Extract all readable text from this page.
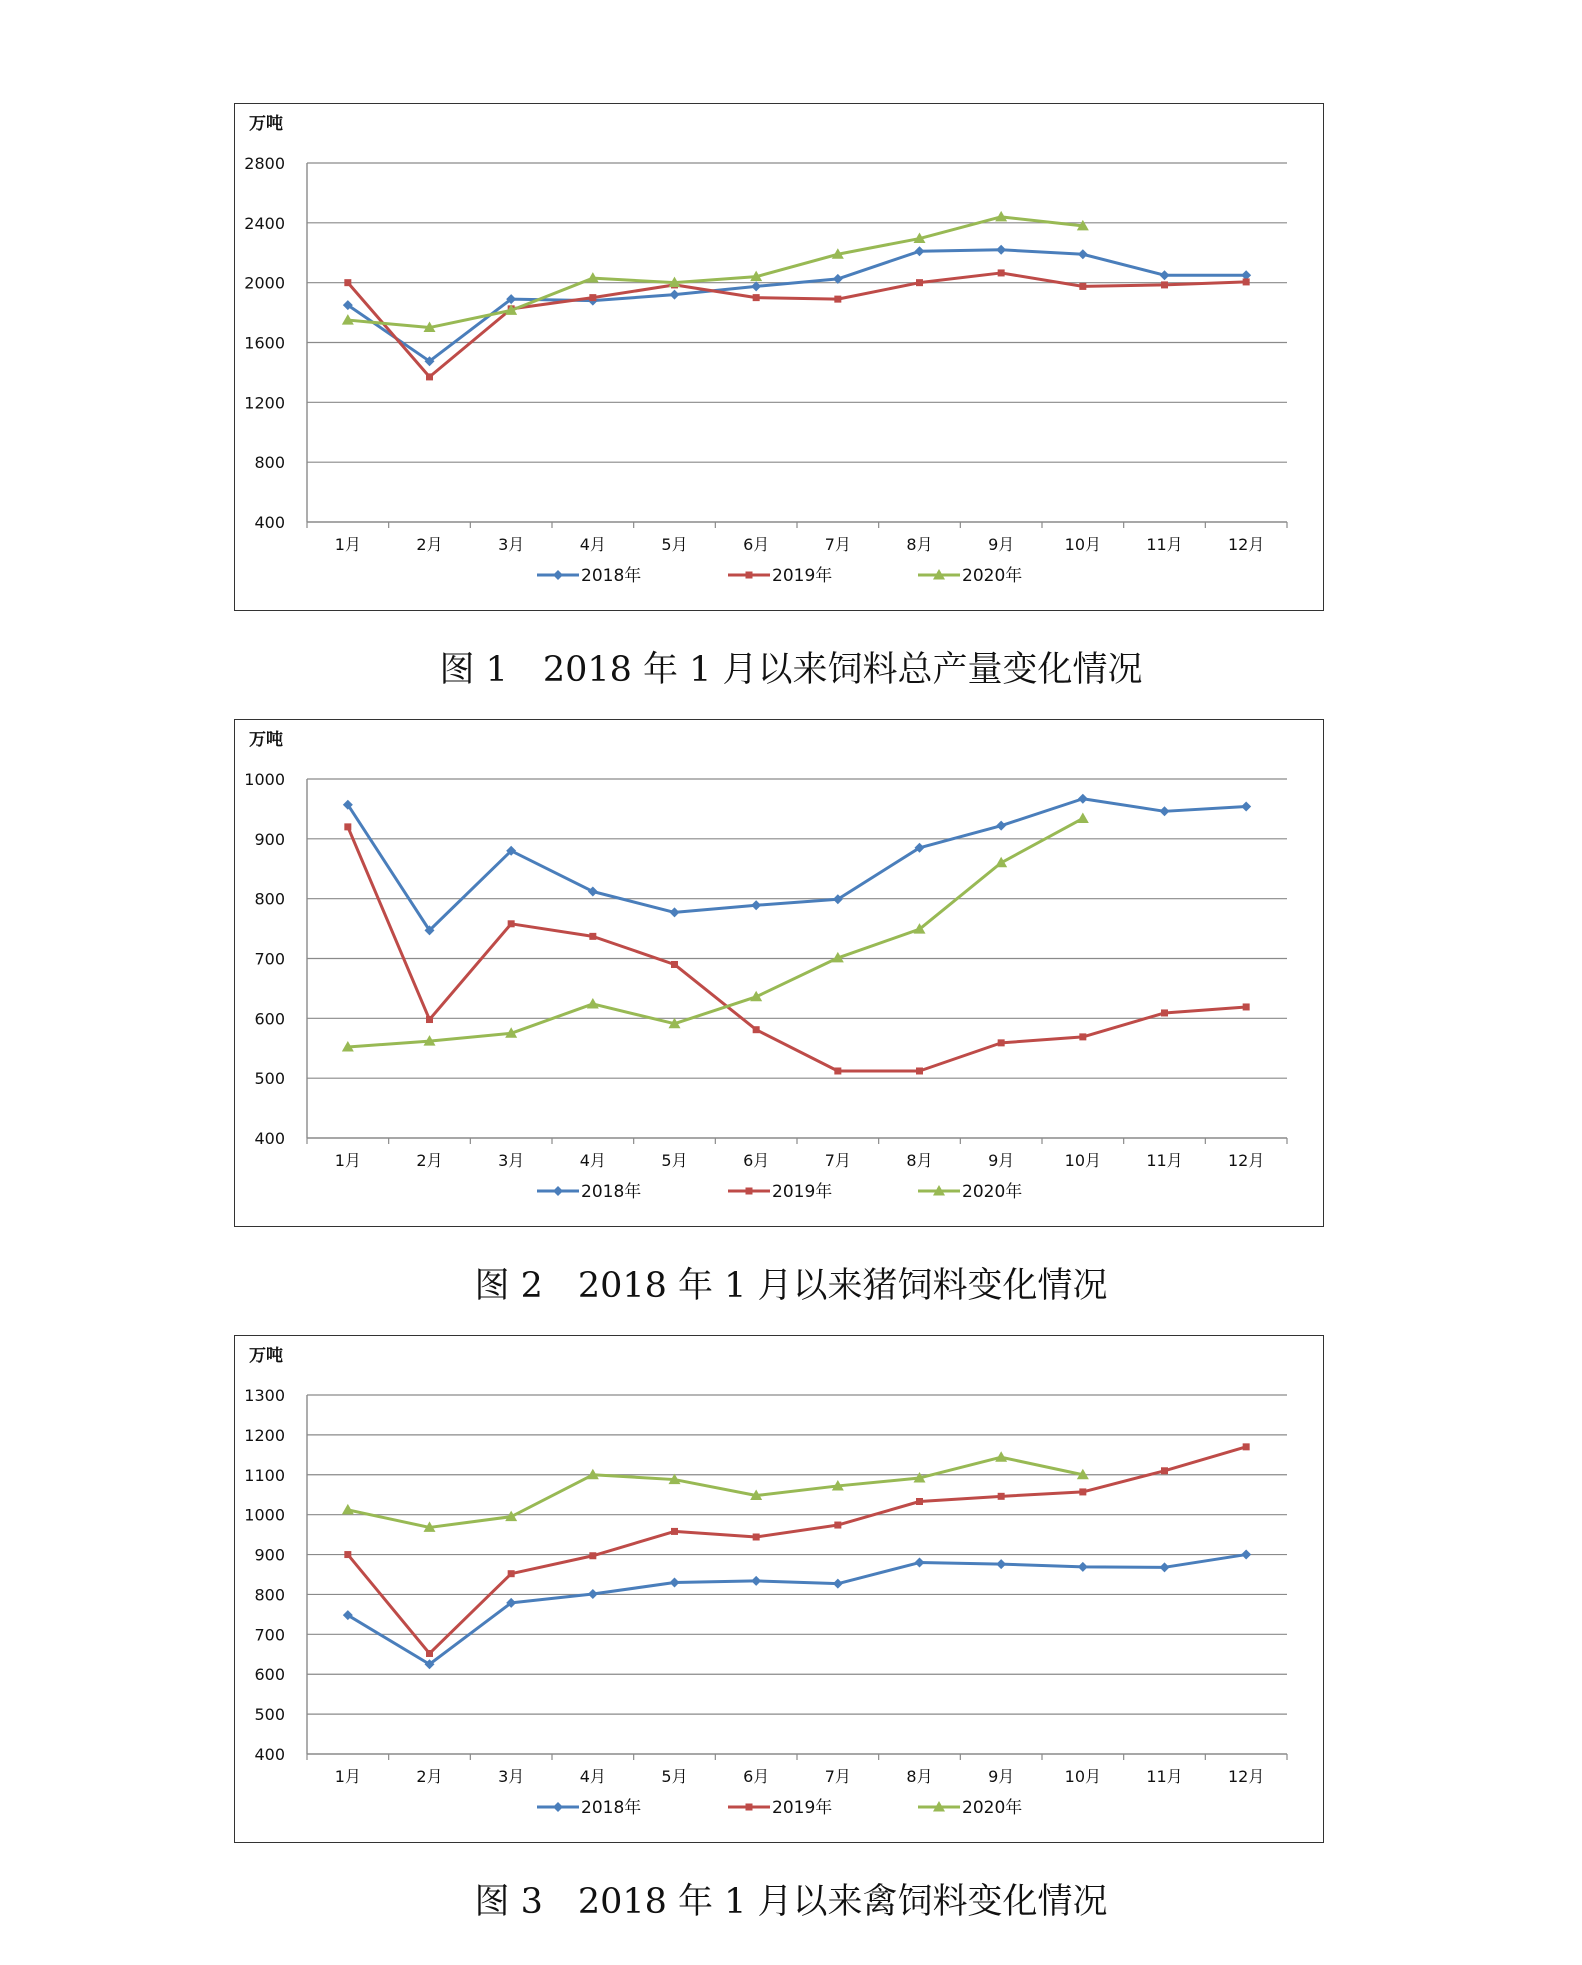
万吨
400
800
1200
1600
2000
2400
2800
1月	2月	3月	4月	5月	6月	7月	8月	9月	10月	11月	12月
2018年	2019年	2020年
图 1　2018 年 1 月以来饲料总产量变化情况
万吨
400
500
600
700
800
900
1000
1月	2月	3月	4月	5月	6月	7月	8月	9月	10月	11月	12月
2018年	2019年	2020年
图 2　2018 年 1 月以来猪饲料变化情况
万吨
400
500
600
700
800
900
1000
1100
1200
1300
1月	2月	3月	4月	5月	6月	7月	8月	9月	10月	11月	12月
2018年	2019年	2020年
图 3　2018 年 1 月以来禽饲料变化情况
